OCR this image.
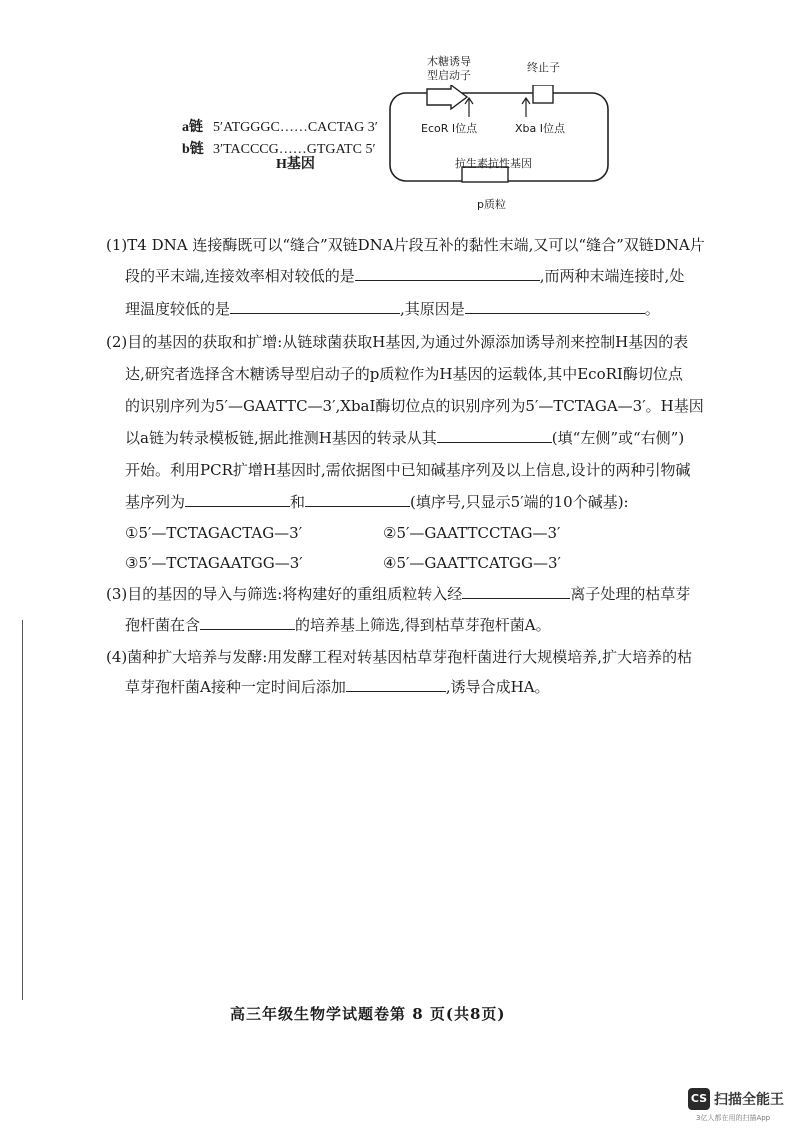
a链 5′ATGGGC……CACTAG 3′
b链 3′TACCCG……GTGATC 5′
H基因
木糖诱导
型启动子
终止子
EcoR Ⅰ位点	Xba Ⅰ位点
抗生素抗性基因
p质粒
(1)T4 DNA 连接酶既可以“缝合”双链DNA片段互补的黏性末端,又可以“缝合”双链DNA片
段的平末端,连接效率相对较低的是	,而两种末端连接时,处
理温度较低的是	,其原因是	。
(2)目的基因的获取和扩增:从链球菌获取H基因,为通过外源添加诱导剂来控制H基因的表
达,研究者选择含木糖诱导型启动子的p质粒作为H基因的运载体,其中EcoRI酶切位点
的识别序列为5′—GAATTC—3′,XbaI酶切位点的识别序列为5′—TCTAGA—3′。H基因
以a链为转录模板链,据此推测H基因的转录从其	(填“左侧”或“右侧”)
开始。利用PCR扩增H基因时,需依据图中已知碱基序列及以上信息,设计的两种引物碱
基序列为	和	(填序号,只显示5′端的10个碱基):
①5′—TCTAGACTAG—3′	②5′—GAATTCCTAG—3′
③5′—TCTAGAATGG—3′	④5′—GAATTCATGG—3′
(3)目的基因的导入与筛选:将构建好的重组质粒转入经	离子处理的枯草芽
孢杆菌在含	的培养基上筛选,得到枯草芽孢杆菌A。
(4)菌种扩大培养与发酵:用发酵工程对转基因枯草芽孢杆菌进行大规模培养,扩大培养的枯
草芽孢杆菌A接种一定时间后添加	,诱导合成HA。
高三年级生物学试题卷第 8 页(共8页)
CS 扫描全能王
3亿人都在用的扫描App
